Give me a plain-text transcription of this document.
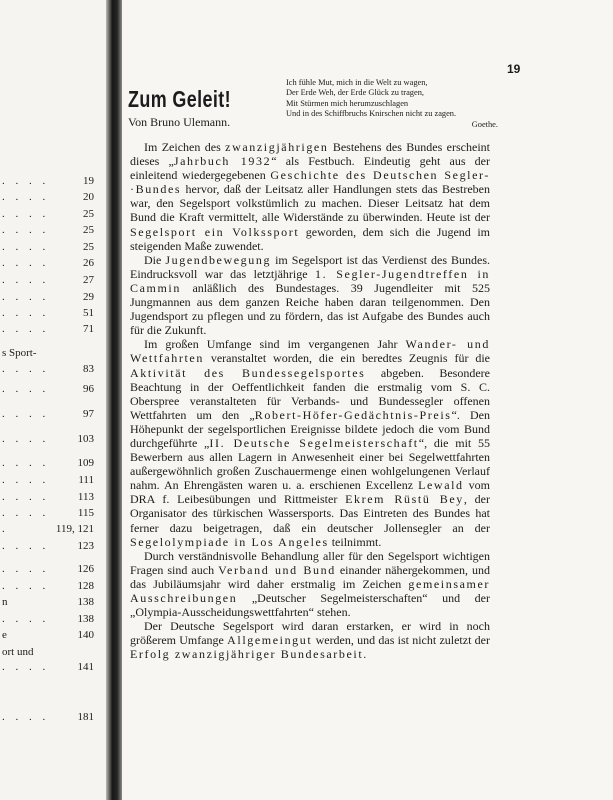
. . . .	19
. . . .	20
. . . .	25
. . . .	25
. . . .	25
. . . .	26
. . . .	27
. . . .	29
. . . .	51
. . . .	71
s Sport-
. . . .	83
. . . .	96
. . . .	97
. . . .	103
. . . .	109
. . . .	111
. . . .	113
. . . .	115
.	119, 121
. . . .	123
. . . .	126
. . . .	128
n	138
. . . .	138
e	140
ort und
. . . .	141
. . . .	181
19
Zum Geleit!
Von Bruno Ulemann.
Ich fühle Mut, mich in die Welt zu wagen,
Der Erde Weh, der Erde Glück zu tragen,
Mit Stürmen mich herumzuschlagen
Und in des Schiffbruchs Knirschen nicht zu zagen.
Goethe.

Im Zeichen des zwanzigjährigen Bestehens des Bundes erscheint dieses „Jahrbuch 1932“ als Festbuch. Eindeutig geht aus der einleitend wiedergegebenen Geschichte des Deutschen Segler-·Bundes hervor, daß der Leitsatz aller Handlungen stets das Bestreben war, den Segelsport volkstümlich zu machen. Dieser Leitsatz hat dem Bund die Kraft vermittelt, alle Widerstände zu überwinden. Heute ist der Segelsport ein Volkssport geworden, dem sich die Jugend im steigenden Maße zuwendet.

Die Jugendbewegung im Segelsport ist das Verdienst des Bundes. Eindrucksvoll war das letztjährige 1. Segler-Jugendtreffen in Cammin anläßlich des Bundestages. 39 Jugendleiter mit 525 Jungmannen aus dem ganzen Reiche haben daran teilgenommen. Den Jugendsport zu pflegen und zu fördern, das ist Aufgabe des Bundes auch für die Zukunft.

Im großen Umfange sind im vergangenen Jahr Wander- und Wettfahrten veranstaltet worden, die ein beredtes Zeugnis für die Aktivität des Bundessegelsportes abgeben. Besondere Beachtung in der Oeffentlichkeit fanden die erstmalig vom S. C. Oberspree veranstalteten für Verbands- und Bundessegler offenen Wettfahrten um den „Robert-Höfer-Gedächtnis-Preis“. Den Höhepunkt der segelsportlichen Ereignisse bildete jedoch die vom Bund durchgeführte „II. Deutsche Segelmeisterschaft“, die mit 55 Bewerbern aus allen Lagern in Anwesenheit einer bei Segelwettfahrten außergewöhnlich großen Zuschauermenge einen wohlgelungenen Verlauf nahm. An Ehrengästen waren u. a. erschienen Excellenz Lewald vom DRA f. Leibesübungen und Rittmeister Ekrem Rüstü Bey, der Organisator des türkischen Wassersports. Das Eintreten des Bundes hat ferner dazu beigetragen, daß ein deutscher Jollensegler an der Segelolympiade in Los Angeles teilnimmt.

Durch verständnisvolle Behandlung aller für den Segelsport wichtigen Fragen sind auch Verband und Bund einander nähergekommen, und das Jubiläumsjahr wird daher erstmalig im Zeichen gemeinsamer Ausschreibungen „Deutscher Segelmeisterschaften“ und der „Olympia-Ausscheidungswettfahrten“ stehen.

Der Deutsche Segelsport wird daran erstarken, er wird in noch größerem Umfange Allgemeingut werden, und das ist nicht zuletzt der Erfolg zwanzigjähriger Bundesarbeit.
